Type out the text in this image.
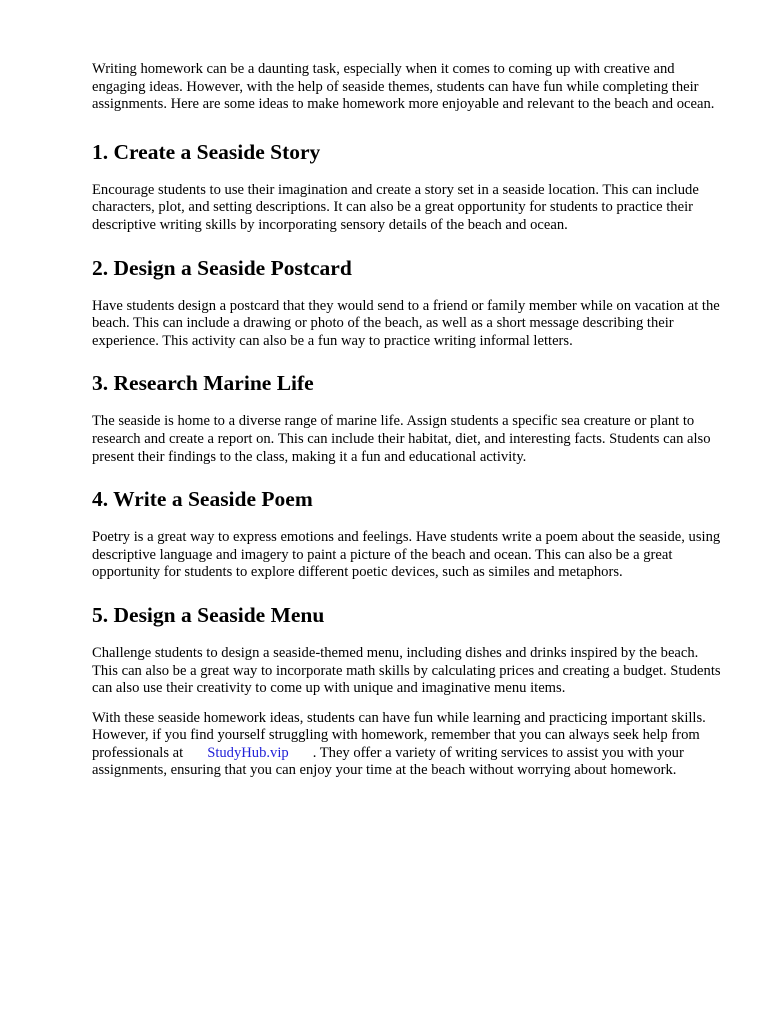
Writing homework can be a daunting task, especially when it comes to coming up with creative and engaging ideas. However, with the help of seaside themes, students can have fun while completing their assignments. Here are some ideas to make homework more enjoyable and relevant to the beach and ocean.

1. Create a Seaside Story

Encourage students to use their imagination and create a story set in a seaside location. This can include characters, plot, and setting descriptions. It can also be a great opportunity for students to practice their descriptive writing skills by incorporating sensory details of the beach and ocean.

2. Design a Seaside Postcard

Have students design a postcard that they would send to a friend or family member while on vacation at the beach. This can include a drawing or photo of the beach, as well as a short message describing their experience. This activity can also be a fun way to practice writing informal letters.

3. Research Marine Life

The seaside is home to a diverse range of marine life. Assign students a specific sea creature or plant to research and create a report on. This can include their habitat, diet, and interesting facts. Students can also present their findings to the class, making it a fun and educational activity.

4. Write a Seaside Poem

Poetry is a great way to express emotions and feelings. Have students write a poem about the seaside, using descriptive language and imagery to paint a picture of the beach and ocean. This can also be a great opportunity for students to explore different poetic devices, such as similes and metaphors.

5. Design a Seaside Menu

Challenge students to design a seaside-themed menu, including dishes and drinks inspired by the beach. This can also be a great way to incorporate math skills by calculating prices and creating a budget. Students can also use their creativity to come up with unique and imaginative menu items.

With these seaside homework ideas, students can have fun while learning and practicing important skills. However, if you find yourself struggling with homework, remember that you can always seek help from professionals at StudyHub.vip . They offer a variety of writing services to assist you with your assignments, ensuring that you can enjoy your time at the beach without worrying about homework.
